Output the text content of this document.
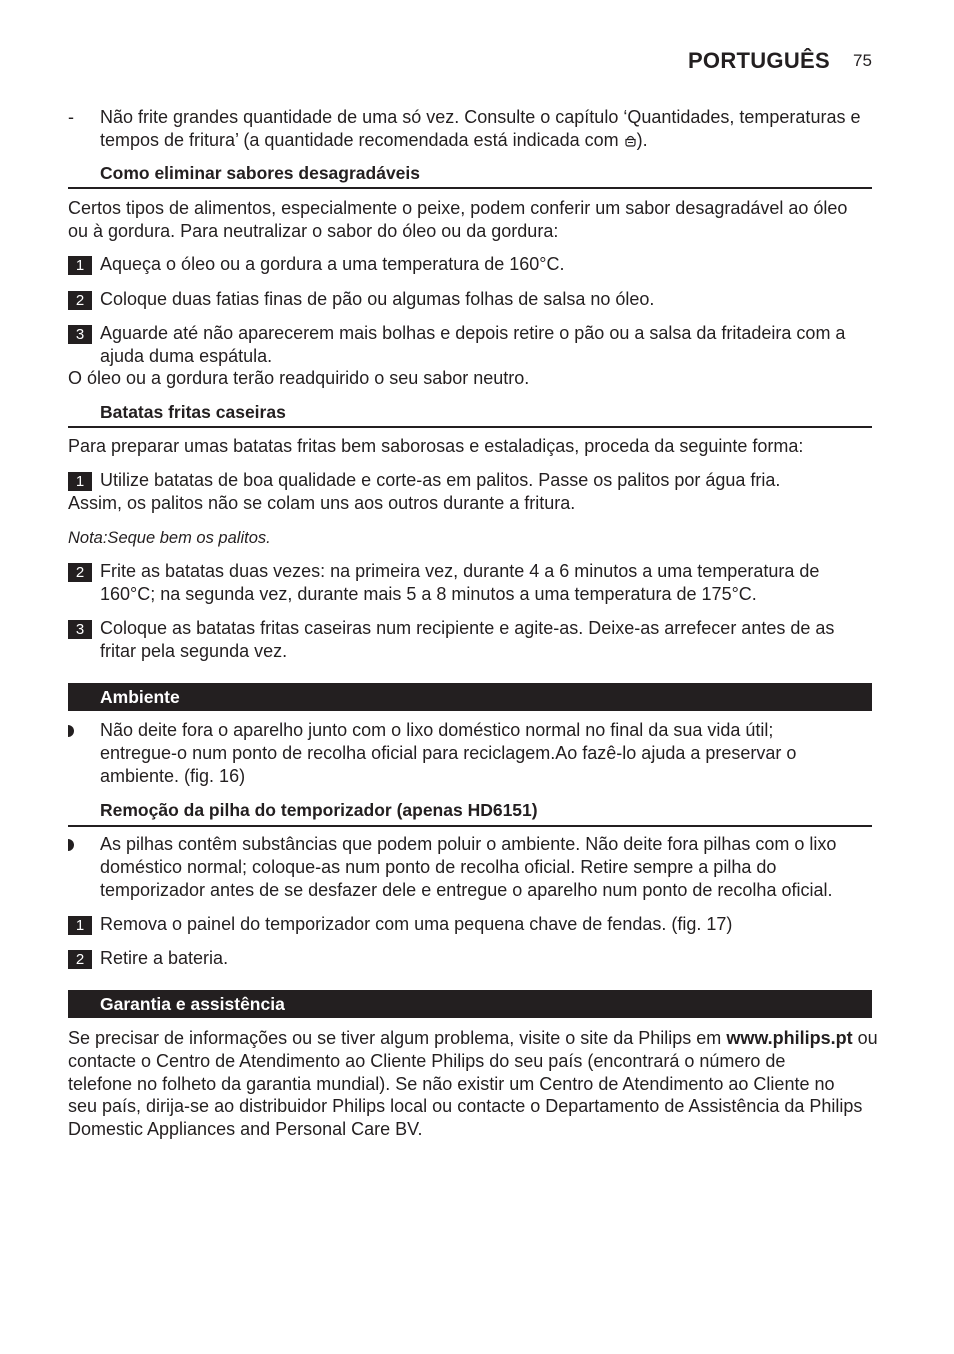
PORTUGUÊS 75
- Não frite grandes quantidade de uma só vez. Consulte o capítulo ‘Quantidades, temperaturas e
tempos de fritura’ (a quantidade recomendada está indicada com ).
Como eliminar sabores desagradáveis
Certos tipos de alimentos, especialmente o peixe, podem conferir um sabor desagradável ao óleo
ou à gordura. Para neutralizar o sabor do óleo ou da gordura:
1 Aqueça o óleo ou a gordura a uma temperatura de 160°C.
2 Coloque duas fatias finas de pão ou algumas folhas de salsa no óleo.
3 Aguarde até não aparecerem mais bolhas e depois retire o pão ou a salsa da fritadeira com a
ajuda duma espátula.
O óleo ou a gordura terão readquirido o seu sabor neutro.
Batatas fritas caseiras
Para preparar umas batatas fritas bem saborosas e estaladiças, proceda da seguinte forma:
1 Utilize batatas de boa qualidade e corte-as em palitos. Passe os palitos por água fria.
Assim, os palitos não se colam uns aos outros durante a fritura.
Nota:Seque bem os palitos.
2 Frite as batatas duas vezes: na primeira vez, durante 4 a 6 minutos a uma temperatura de
160°C; na segunda vez, durante mais 5 a 8 minutos a uma temperatura de 175°C.
3 Coloque as batatas fritas caseiras num recipiente e agite-as. Deixe-as arrefecer antes de as
fritar pela segunda vez.
Ambiente
Não deite fora o aparelho junto com o lixo doméstico normal no final da sua vida útil;
entregue-o num ponto de recolha oficial para reciclagem.Ao fazê-lo ajuda a preservar o
ambiente. (fig. 16)
Remoção da pilha do temporizador (apenas HD6151)
As pilhas contêm substâncias que podem poluir o ambiente. Não deite fora pilhas com o lixo
doméstico normal; coloque-as num ponto de recolha oficial. Retire sempre a pilha do
temporizador antes de se desfazer dele e entregue o aparelho num ponto de recolha oficial.
1 Remova o painel do temporizador com uma pequena chave de fendas. (fig. 17)
2 Retire a bateria.
Garantia e assistência
Se precisar de informações ou se tiver algum problema, visite o site da Philips em www.philips.pt ou
contacte o Centro de Atendimento ao Cliente Philips do seu país (encontrará o número de
telefone no folheto da garantia mundial). Se não existir um Centro de Atendimento ao Cliente no
seu país, dirija-se ao distribuidor Philips local ou contacte o Departamento de Assistência da Philips
Domestic Appliances and Personal Care BV.
